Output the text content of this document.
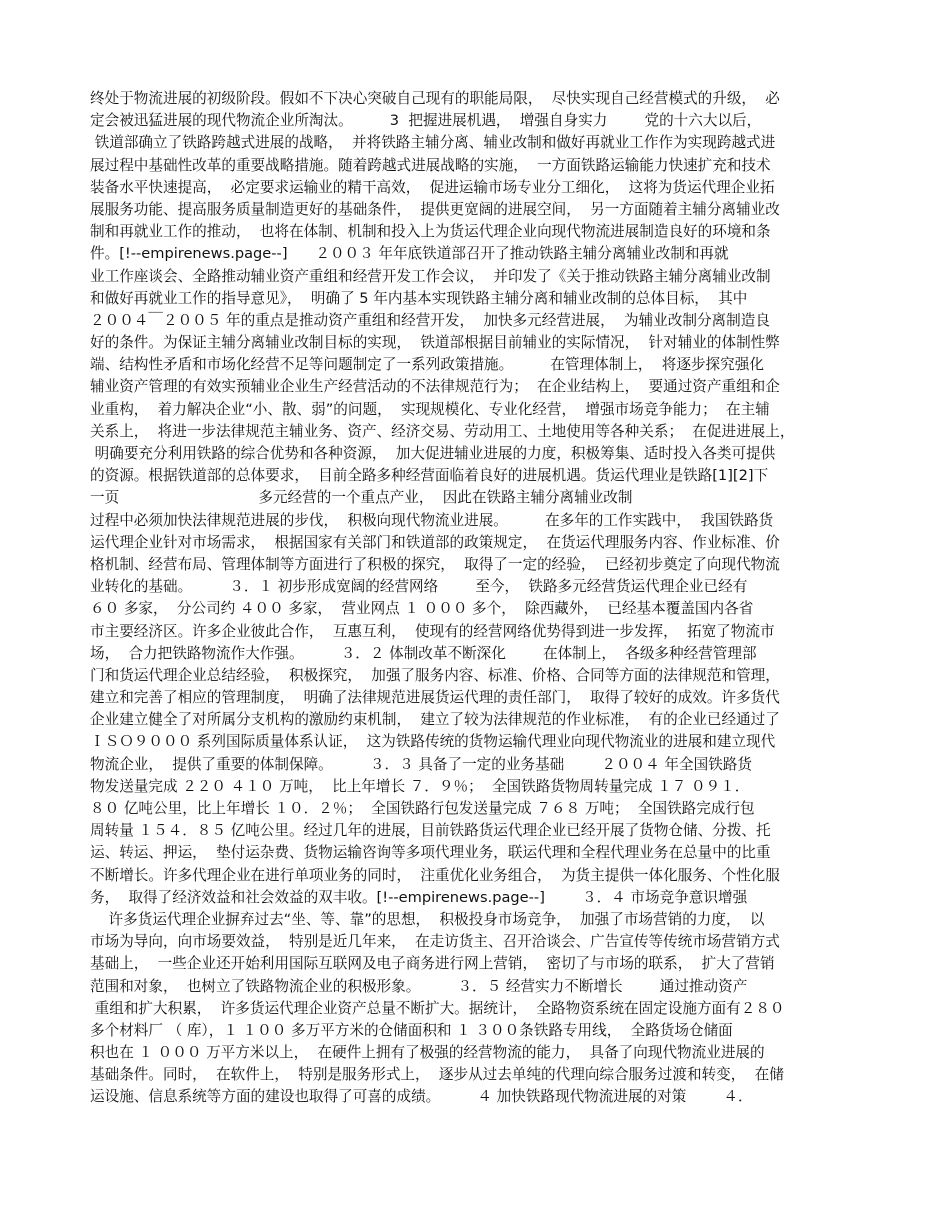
终处于物流进展的初级阶段。假如不下决心突破自己现有的职能局限，  尽快实现自己经营模式的升级，  必
定会被迅猛进展的现代物流企业所淘汰。        3  把握进展机遇，  增强自身实力        党的十六大以后，
铁道部确立了铁路跨越式进展的战略，  并将铁路主辅分离、辅业改制和做好再就业工作作为实现跨越式进
展过程中基础性改革的重要战略措施。随着跨越式进展战略的实施，  一方面铁路运输能力快速扩充和技术
装备水平快速提高，  必定要求运输业的精干高效，  促进运输市场专业分工细化，  这将为货运代理企业拓
展服务功能、提高服务质量制造更好的基础条件，  提供更宽阔的进展空间，  另一方面随着主辅分离辅业改
制和再就业工作的推动，  也将在体制、机制和投入上为货运代理企业向现代物流进展制造良好的环境和条
件。[!--empirenews.page--]      ２００３ 年年底铁道部召开了推动铁路主辅分离辅业改制和再就
业工作座谈会、全路推动辅业资产重组和经营开发工作会议，  并印发了《关于推动铁路主辅分离辅业改制
和做好再就业工作的指导意见》，  明确了 5 年内基本实现铁路主辅分离和辅业改制的总体目标，  其中
２００４￣２００５ 年的重点是推动资产重组和经营开发，  加快多元经营进展，  为辅业改制分离制造良
好的条件。为保证主辅分离辅业改制目标的实现，  铁道部根据目前辅业的实际情况，  针对辅业的体制性弊
端、结构性矛盾和市场化经营不足等问题制定了一系列政策措施。        在管理体制上，  将逐步探究强化
辅业资产管理的有效实预辅业企业生产经营活动的不法律规范行为；  在企业结构上，  要通过资产重组和企
业重构，  着力解决企业“小、散、弱”的问题，  实现规模化、专业化经营，  增强市场竞争能力；  在主辅
关系上，  将进一步法律规范主辅业务、资产、经济交易、劳动用工、土地使用等各种关系；  在促进进展上，
明确要充分利用铁路的综合优势和各种资源，  加大促进辅业进展的力度，积极筹集、适时投入各类可提供
的资源。根据铁道部的总体要求，  目前全路多种经营面临着良好的进展机遇。货运代理业是铁路[1][2]下
一页                              多元经营的一个重点产业，  因此在铁路主辅分离辅业改制
过程中必须加快法律规范进展的步伐，  积极向现代物流业进展。        在多年的工作实践中，  我国铁路货
运代理企业针对市场需求，  根据国家有关部门和铁道部的政策规定，  在货运代理服务内容、作业标准、价
格机制、经营布局、管理体制等方面进行了积极的探究，  取得了一定的经验，  已经初步奠定了向现代物流
业转化的基础。        ３．１ 初步形成宽阔的经营网络        至今，  铁路多元经营货运代理企业已经有
６０ 多家，  分公司约 ４００ 多家，  营业网点 １ ０００ 多个，  除西藏外，  已经基本覆盖国内各省
市主要经济区。许多企业彼此合作，  互惠互利，  使现有的经营网络优势得到进一步发挥，  拓宽了物流市
场，  合力把铁路物流作大作强。        ３．２ 体制改革不断深化        在体制上，  各级多种经营管理部
门和货运代理企业总结经验，  积极探究，  加强了服务内容、标准、价格、合同等方面的法律规范和管理，
建立和完善了相应的管理制度，  明确了法律规范进展货运代理的责任部门，  取得了较好的成效。许多货代
企业建立健全了对所属分支机构的激励约束机制，  建立了较为法律规范的作业标准，  有的企业已经通过了
ＩＳＯ９０００ 系列国际质量体系认证，  这为铁路传统的货物运输代理业向现代物流业的进展和建立现代
物流企业，  提供了重要的体制保障。        ３．３ 具备了一定的业务基础        ２００４ 年全国铁路货
物发送量完成 ２２０ ４１０ 万吨，  比上年增长 ７．９％；  全国铁路货物周转量完成 １７ ０９１．
８０ 亿吨公里，比上年增长 １０．２％；  全国铁路行包发送量完成 ７６８ 万吨；  全国铁路完成行包
周转量 １５４．８５ 亿吨公里。经过几年的进展，目前铁路货运代理企业已经开展了货物仓储、分拨、托
运、转运、押运，  垫付运杂费、货物运输咨询等多项代理业务，联运代理和全程代理业务在总量中的比重
不断增长。许多代理企业在进行单项业务的同时，  注重优化业务组合，  为货主提供一体化服务、个性化服
务，  取得了经济效益和社会效益的双丰收。[!--empirenews.page--]        ３．４ 市场竞争意识增强
许多货运代理企业摒弃过去“坐、等、靠”的思想，  积极投身市场竞争，  加强了市场营销的力度，  以
市场为导向，向市场要效益，  特别是近几年来，  在走访货主、召开洽谈会、广告宣传等传统市场营销方式
基础上，  一些企业还开始利用国际互联网及电子商务进行网上营销，  密切了与市场的联系，  扩大了营销
范围和对象，  也树立了铁路物流企业的积极形象。        ３．５ 经营实力不断增长        通过推动资产
重组和扩大积累，  许多货运代理企业资产总量不断扩大。据统计，  全路物资系统在固定设施方面有２８０
多个材料厂 （ 库），１ １００ 多万平方米的仓储面积和 １ ３００条铁路专用线，  全路货场仓储面
积也在 １ ０００ 万平方米以上，  在硬件上拥有了极强的经营物流的能力，  具备了向现代物流业进展的
基础条件。同时，  在软件上，  特别是服务形式上，  逐步从过去单纯的代理向综合服务过渡和转变，  在储
运设施、信息系统等方面的建设也取得了可喜的成绩。        ４ 加快铁路现代物流进展的对策        ４．
